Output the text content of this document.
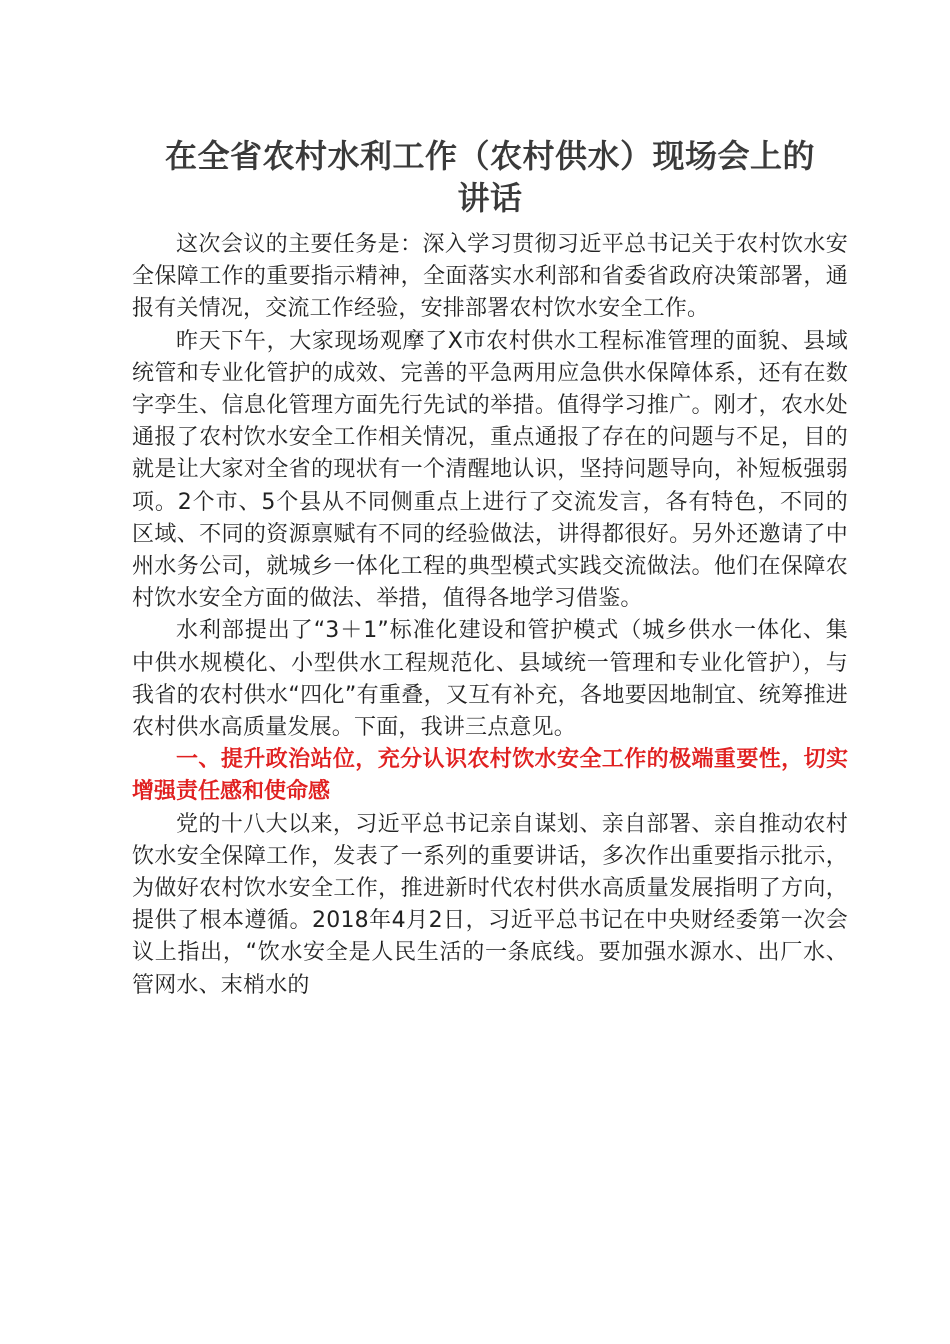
在全省农村水利工作（农村供水）现场会上的
讲话

这次会议的主要任务是：深入学习贯彻习近平总书记关于农村饮水安全保障工作的重要指示精神，全面落实水利部和省委省政府决策部署，通报有关情况，交流工作经验，安排部署农村饮水安全工作。

昨天下午，大家现场观摩了X市农村供水工程标准管理的面貌、县域统管和专业化管护的成效、完善的平急两用应急供水保障体系，还有在数字孪生、信息化管理方面先行先试的举措。值得学习推广。刚才，农水处通报了农村饮水安全工作相关情况，重点通报了存在的问题与不足，目的就是让大家对全省的现状有一个清醒地认识，坚持问题导向，补短板强弱项。2个市、5个县从不同侧重点上进行了交流发言，各有特色，不同的区域、不同的资源禀赋有不同的经验做法，讲得都很好。另外还邀请了中州水务公司，就城乡一体化工程的典型模式实践交流做法。他们在保障农村饮水安全方面的做法、举措，值得各地学习借鉴。

水利部提出了“3＋1”标准化建设和管护模式（城乡供水一体化、集中供水规模化、小型供水工程规范化、县域统一管理和专业化管护），与我省的农村供水“四化”有重叠，又互有补充，各地要因地制宜、统筹推进农村供水高质量发展。下面，我讲三点意见。

一、提升政治站位，充分认识农村饮水安全工作的极端重要性，切实增强责任感和使命感

党的十八大以来，习近平总书记亲自谋划、亲自部署、亲自推动农村饮水安全保障工作，发表了一系列的重要讲话，多次作出重要指示批示，为做好农村饮水安全工作，推进新时代农村供水高质量发展指明了方向，提供了根本遵循。2018年4月2日，习近平总书记在中央财经委第一次会议上指出，“饮水安全是人民生活的一条底线。要加强水源水、出厂水、管网水、末梢水的
